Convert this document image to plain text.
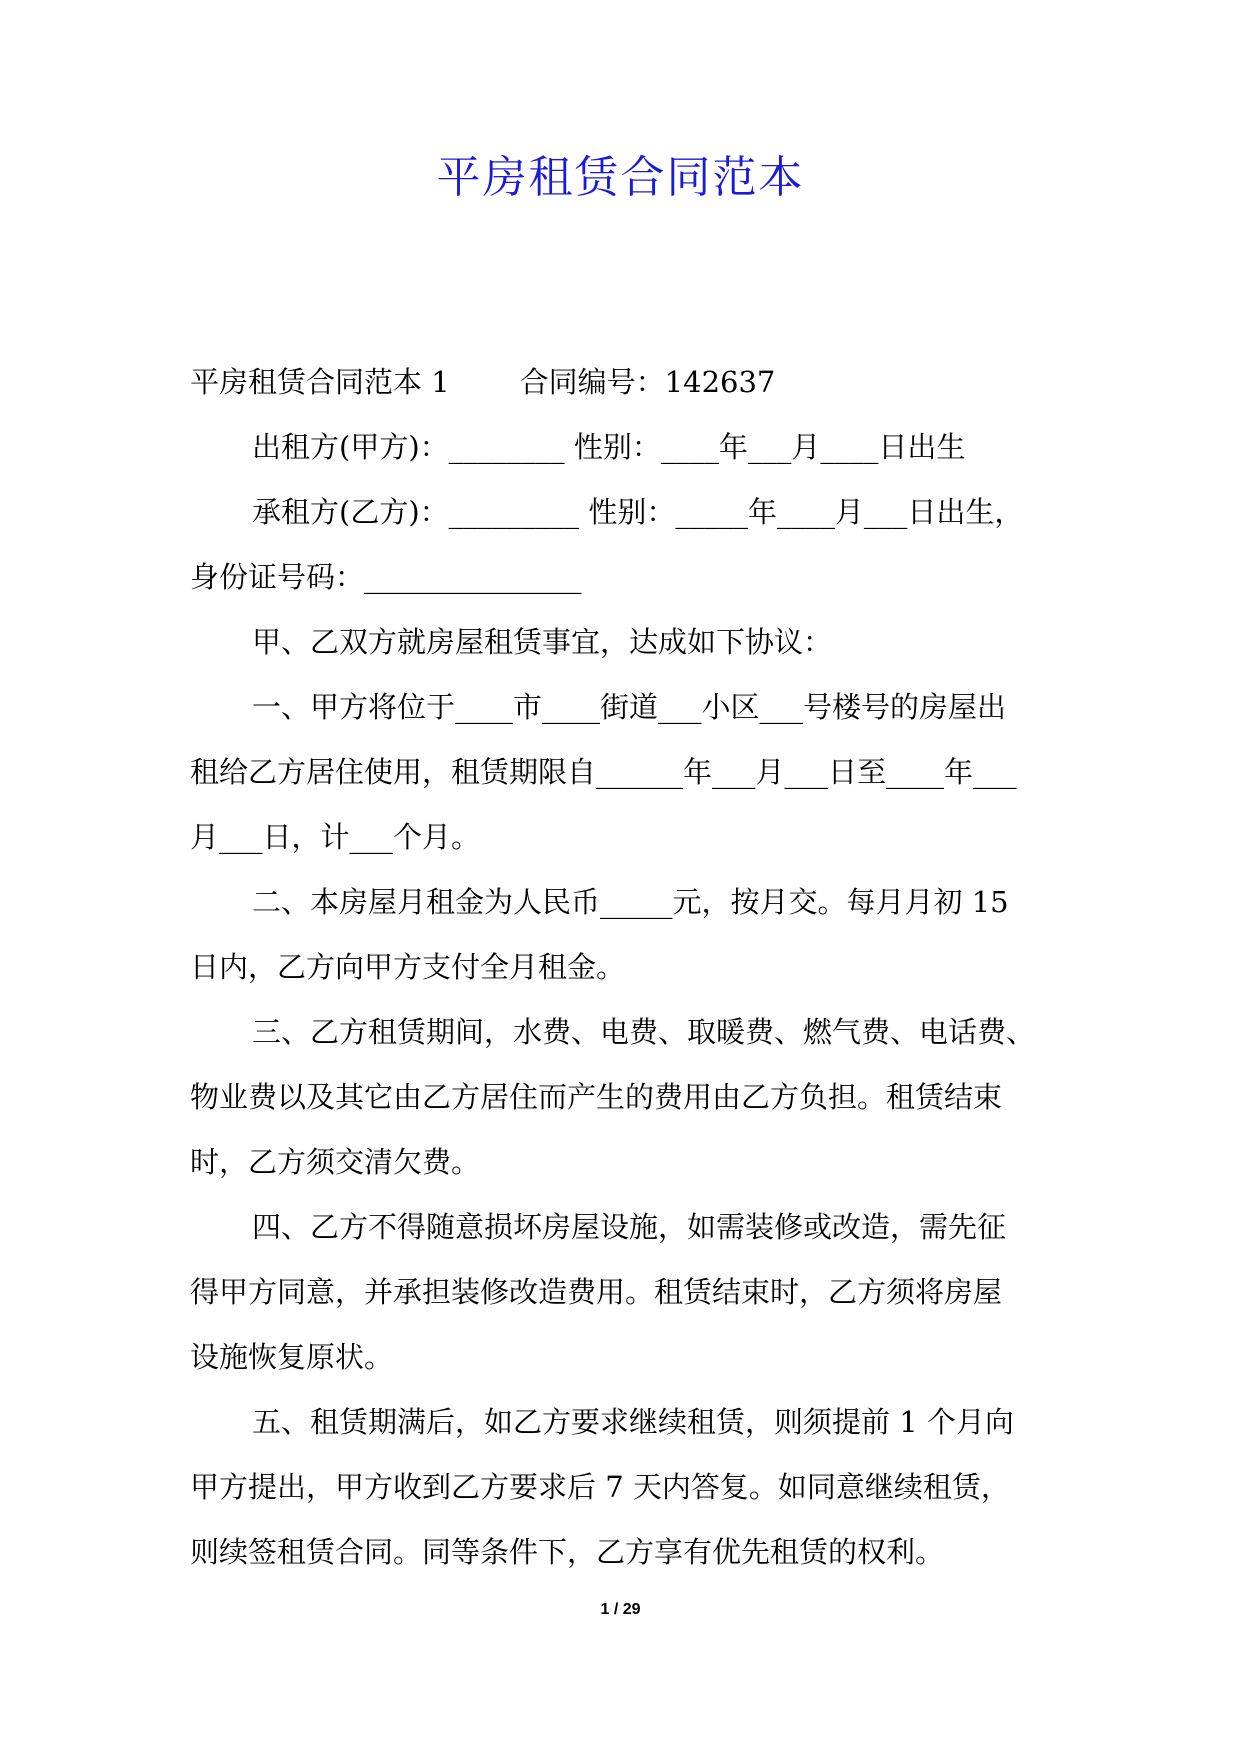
平房租赁合同范本
平房租赁合同范本 1 合同编号：142637
出租方(甲方)：________ 性别：____年___月____日出生
承租方(乙方)：_________ 性别：_____年____月___日出生，
身份证号码：_______________
甲、乙双方就房屋租赁事宜，达成如下协议：
一、甲方将位于____市____街道___小区___号楼号的房屋出
租给乙方居住使用，租赁期限自______年___月___日至____年___
月___日，计___个月。
二、本房屋月租金为人民币_____元，按月交。每月月初 15
日内，乙方向甲方支付全月租金。
三、乙方租赁期间，水费、电费、取暖费、燃气费、电话费、
物业费以及其它由乙方居住而产生的费用由乙方负担。租赁结束
时，乙方须交清欠费。
四、乙方不得随意损坏房屋设施，如需装修或改造，需先征
得甲方同意，并承担装修改造费用。租赁结束时，乙方须将房屋
设施恢复原状。
五、租赁期满后，如乙方要求继续租赁，则须提前 1 个月向
甲方提出，甲方收到乙方要求后 7 天内答复。如同意继续租赁，
则续签租赁合同。同等条件下，乙方享有优先租赁的权利。
1 / 29
